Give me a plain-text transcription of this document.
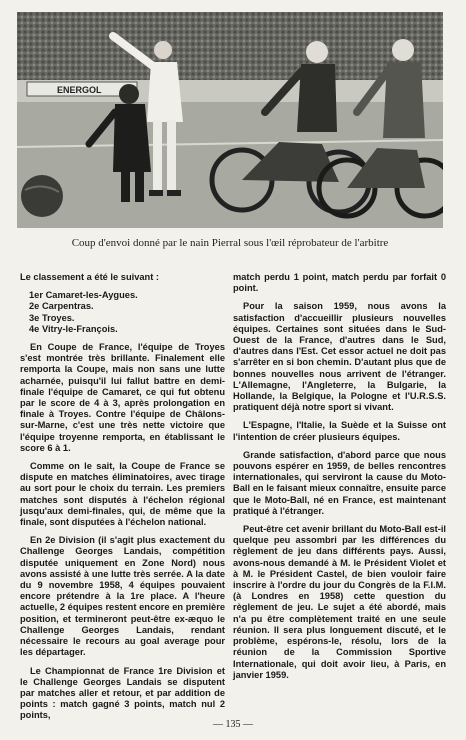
ENERGOL
Coup d'envoi donné par le nain Pierral sous l'œil réprobateur de l'arbitre

Le classement a été le suivant :

1er Camaret-les-Aygues.
2e Carpentras.
3e Troyes.
4e Vitry-le-François.

En Coupe de France, l'équipe de Troyes s'est montrée très brillante. Finalement elle remporta la Coupe, mais non sans une lutte acharnée, puisqu'il lui fallut battre en demi-finale l'équipe de Camaret, ce qui fut obtenu par le score de 4 à 3, après prolongation en finale à Troyes. Contre l'équipe de Châlons-sur-Marne, c'est une très nette victoire que l'équipe troyenne remporta, en établissant le score 6 à 1.

Comme on le sait, la Coupe de France se dispute en matches éliminatoires, avec tirage au sort pour le choix du terrain. Les premiers matches sont disputés à l'échelon régional jusqu'aux demi-finales, qui, de même que la finale, sont disputées à l'échelon national.

En 2e Division (il s'agit plus exactement du Challenge Georges Landais, compétition disputée uniquement en Zone Nord) nous avons assisté à une lutte très serrée. A la date du 9 novembre 1958, 4 équipes pouvaient encore prétendre à la 1re place. A l'heure actuelle, 2 équipes restent encore en première position, et termineront peut-être ex-æquo le Challenge Georges Landais, rendant nécessaire le recours au goal average pour les départager.

Le Championnat de France 1re Division et le Challenge Georges Landais se disputent par matches aller et retour, et par addition de points : match gagné 3 points, match nul 2 points,

match perdu 1 point, match perdu par forfait 0 point.

Pour la saison 1959, nous avons la satisfaction d'accueillir plusieurs nouvelles équipes. Certaines sont situées dans le Sud-Ouest de la France, d'autres dans le Sud, d'autres dans l'Est. Cet essor actuel ne doit pas s'arrêter en si bon chemin. D'autant plus que de bonnes nouvelles nous arrivent de l'étranger. L'Allemagne, l'Angleterre, la Bulgarie, la Hollande, la Belgique, la Pologne et l'U.R.S.S. pratiquent déjà notre sport si vivant.

L'Espagne, l'Italie, la Suède et la Suisse ont l'intention de créer plusieurs équipes.

Grande satisfaction, d'abord parce que nous pouvons espérer en 1959, de belles rencontres internationales, qui serviront la cause du Moto-Ball en le faisant mieux connaître, ensuite parce que le Moto-Ball, né en France, est maintenant pratiqué à l'étranger.

Peut-être cet avenir brillant du Moto-Ball est-il quelque peu assombri par les différences du règlement de jeu dans différents pays. Aussi, avons-nous demandé à M. le Président Violet et à M. le Président Castel, de bien vouloir faire inscrire à l'ordre du jour du Congrès de la F.I.M. (à Londres en 1958) cette question du règlement de jeu. Le sujet a été abordé, mais n'a pu être complètement traité en une seule réunion. Il sera plus longuement discuté, et le problème, espérons-le, résolu, lors de la réunion de la Commission Sportive Internationale, qui doit avoir lieu, à Paris, en janvier 1959.

— 135 —
